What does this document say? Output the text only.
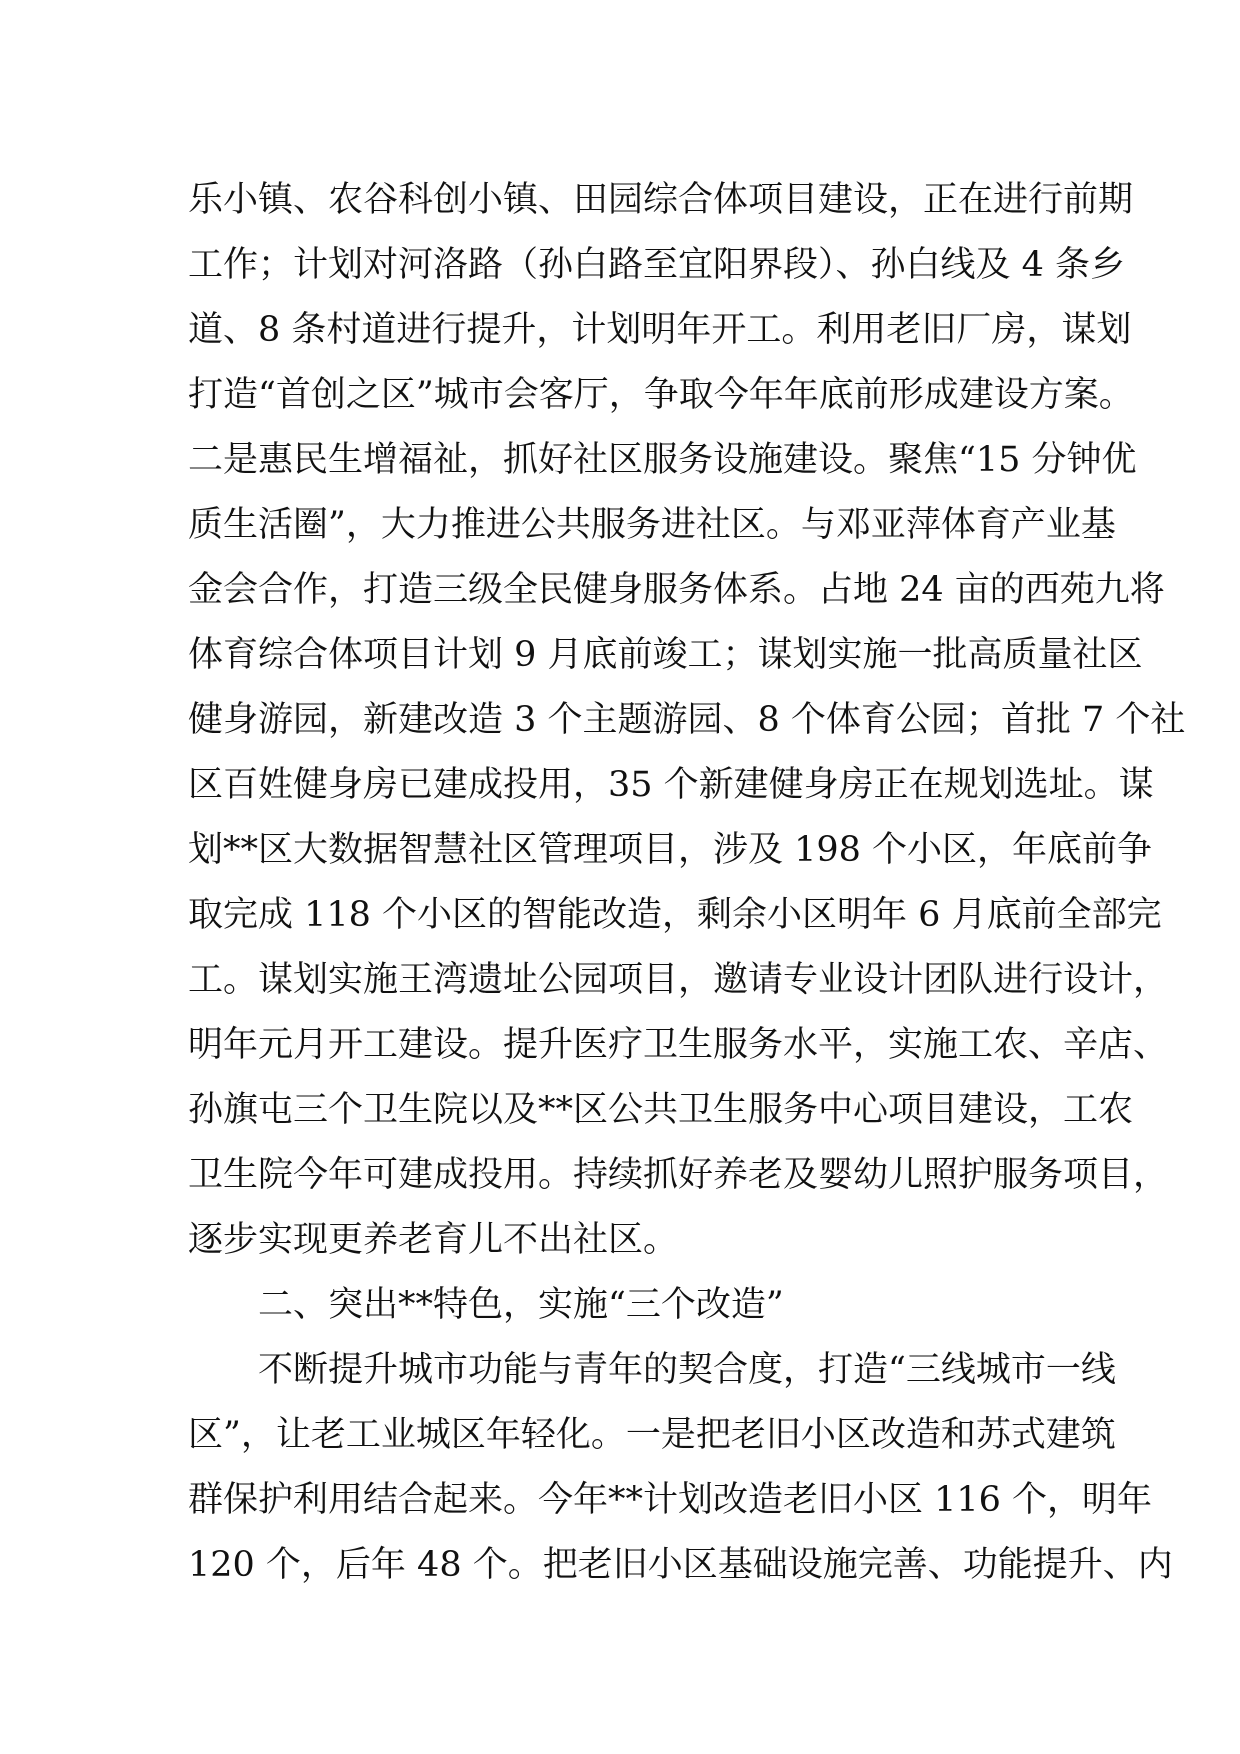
乐小镇、农谷科创小镇、田园综合体项目建设，正在进行前期
工作；计划对河洛路（孙白路至宜阳界段）、孙白线及 4 条乡
道、8 条村道进行提升，计划明年开工。利用老旧厂房，谋划
打造“首创之区”城市会客厅，争取今年年底前形成建设方案。
二是惠民生增福祉，抓好社区服务设施建设。聚焦“15 分钟优
质生活圈”，大力推进公共服务进社区。与邓亚萍体育产业基
金会合作，打造三级全民健身服务体系。占地 24 亩的西苑九将
体育综合体项目计划 9 月底前竣工；谋划实施一批高质量社区
健身游园，新建改造 3 个主题游园、8 个体育公园；首批 7 个社
区百姓健身房已建成投用，35 个新建健身房正在规划选址。谋
划**区大数据智慧社区管理项目，涉及 198 个小区，年底前争
取完成 118 个小区的智能改造，剩余小区明年 6 月底前全部完
工。谋划实施王湾遗址公园项目，邀请专业设计团队进行设计，
明年元月开工建设。提升医疗卫生服务水平，实施工农、辛店、
孙旗屯三个卫生院以及**区公共卫生服务中心项目建设，工农
卫生院今年可建成投用。持续抓好养老及婴幼儿照护服务项目，
逐步实现更养老育儿不出社区。
二、突出**特色，实施“三个改造”
不断提升城市功能与青年的契合度，打造“三线城市一线
区”，让老工业城区年轻化。一是把老旧小区改造和苏式建筑
群保护利用结合起来。今年**计划改造老旧小区 116 个，明年
120 个，后年 48 个。把老旧小区基础设施完善、功能提升、内
